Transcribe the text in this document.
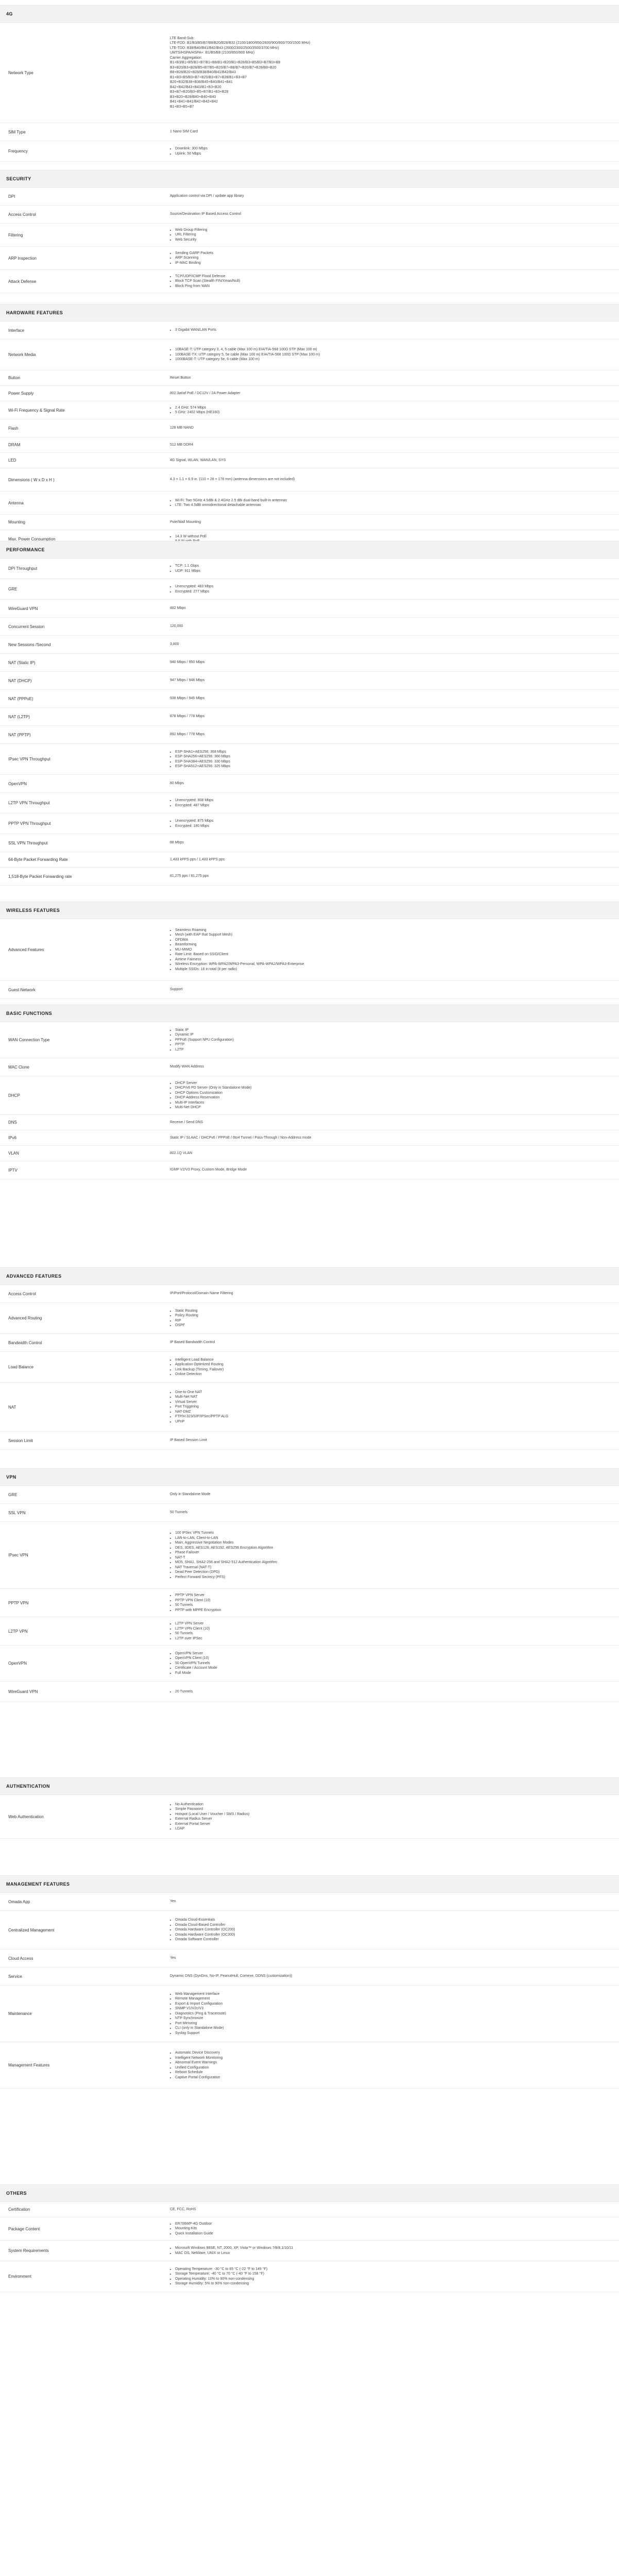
4G
Network Type
LTE Band-Sub:
LTE-FDD: B1/B3/B5/B7/B8/B20/B28/B32 (2100/1800/850/2600/900/800/700/1500 MHz)
LTE-TDD: B38/B40/B41/B42/B43 (2600/2300/2500/3500/3700 MHz)
UMTS/HSPA/HSPA+: B1/B5/B8 (2100/850/900 MHz)
Carrier Aggregation:
B1+B3/B1+B5/B1+B7/B1+B8/B1+B20/B1+B28/B3+B5/B3+B7/B3+B8
B3+B20/B3+B28/B5+B7/B5+B20/B7+B8/B7+B20/B7+B28/B8+B20
B8+B28/B20+B28/B38/B40/B41/B42/B43
B1+B3+B5/B3+B7+B20/B3+B7+B28/B1+B3+B7
B20+B32/B38+B38/B40+B40/B41+B41
B42+B42/B43+B43/B1+B3+B20
B3+B7+B20/B3+B5+B7/B1+B3+B28
B3+B20+B28/B40+B40+B40
B41+B41+B41/B42+B42+B42
B1+B3+B5+B7
SIM Type	1 Nano SIM Card
Frequency
• Downlink: 300 Mbps
• Uplink: 50 Mbps
SECURITY
DPI	Application control via DPI / update app library
Access Control	Source/Destination IP Based Access Control
Filtering
• Web Group Filtering
• URL Filtering
• Web Security
ARP Inspection
• Sending GARP Packets
• ARP Scanning
• IP-MAC Binding
Attack Defense
• TCP/UDP/ICMP Flood Defense
• Block TCP Scan (Stealth FIN/Xmas/Null)
• Block Ping from WAN
HARDWARE FEATURES
Interface	• 3 Gigabit WAN/LAN Ports
Network Media
• 10BASE-T: UTP category 3, 4, 5 cable (Max 100 m) EIA/TIA-568 100Ω STP (Max 100 m)
• 100BASE-TX: UTP category 5, 5e cable (Max 100 m) EIA/TIA-568 100Ω STP (Max 100 m)
• 1000BASE-T: UTP category 5e, 6 cable (Max 100 m)
Button	Reset Button
Power Supply	802.3at/af PoE / DC12V / 2A Power Adapter
Wi-Fi Frequency & Signal Rate
• 2.4 GHz: 574 Mbps
• 5 GHz: 2402 Mbps (HE160)
Flash	128 MB NAND
DRAM	512 MB DDR4
LED	4G Signal, WLAN, WAN/LAN, SYS
Dimensions ( W x D x H )	4.3 × 1.1 × 6.9 in. (110 × 28 × 176 mm) (antenna dimensions are not included)
Antenna
• Wi-Fi: Two 5GHz 4.5dBi & 2.4GHz 2.5 dBi dual-band built-in antennas
• LTE: Two 4.5dBi omnidirectional detachable antennas
Mounting	Pole/Wall Mounting
Max. Power Consumption
• 14.3 W without PoE
•
PERFORMANCE
DPI Throughput
• TCP: 1.1 Gbps
• UDP: 911 Mbps
GRE
• Unencrypted: 483 Mbps
• Encrypted: 277 Mbps
WireGuard VPN	482 Mbps
Concurrent Session	120,000
New Sessions /Second	3,800
NAT (Static IP)	940 Mbps / 950 Mbps
NAT (DHCP)	947 Mbps / 948 Mbps
NAT (PPPoE)	938 Mbps / 945 Mbps
NAT (L2TP)	878 Mbps / 778 Mbps
NAT (PPTP)	892 Mbps / 778 Mbps
IPsec VPN Throughput
• ESP-SHA1+AES256: 368 Mbps
• ESP-SHA256+AES256: 360 Mbps
• ESP-SHA384+AES256: 330 Mbps
• ESP-SHA512+AES256: 325 Mbps
OpenVPN	80 Mbps
L2TP VPN Throughput
• Unencrypted: 908 Mbps
• Encrypted: 487 Mbps
PPTP VPN Throughput
• Unencrypted: 875 Mbps
• Encrypted: 180 Mbps
SSL VPN Throughput	88 Mbps
64-Byte Packet Forwarding Rate	1,433 kPPS pps / 1,433 kPPS pps
1,518-Byte Packet Forwarding rate	81,275 pps / 81,275 pps
WIRELESS FEATURES
Advanced Features
• Seamless Roaming
• Mesh (with EAP that Support Mesh)
• OFDMA
• Beamforming
• MU-MIMO
• Rate Limit: Based on SSID/Client
• Airtime Fairness
• Wireless Encryption: WPA-WPA2/WPA3-Personal, WPA-WPA2/WPA3-Enterprise
• Multiple SSIDs: 16 in total (8 per radio)
Guest Network	Support
BASIC FUNCTIONS
WAN Connection Type
• Static IP
• Dynamic IP
• PPPoE (Support NPU Configuration)
• PPTP
• L2TP
MAC Clone	Modify WAN Address
DHCP
• DHCP Server
• DHCP/v6 PD Server (Only in Standalone Mode)
• DHCP Options Customization
• DHCP Address Reservation
• Multi-IP Interfaces
• Multi-Net DHCP
DNS	Receive / Send DNS
IPv6	Static IP / SLAAC / DHCPv6 / PPPoE / 6to4 Tunnel / Pass-Through / Non-Address mode
VLAN	802.1Q VLAN
IPTV	IGMP V2/V3 Proxy, Custom Mode, Bridge Mode
ADVANCED FEATURES
Access Control	IP/Port/Protocol/Domain Name Filtering
Advanced Routing
• Static Routing
• Policy Routing
• RIP
• OSPF
Bandwidth Control	IP Based Bandwidth Control
Load Balance
• Intelligent Load Balance
• Application Optimized Routing
• Link Backup (Timing, Failover)
• Online Detection
NAT
• One-to-One NAT
• Multi-Net NAT
• Virtual Server
• Port Triggering
• NAT-DMZ
• FTP/H.323/SIP/IPSec/PPTP ALG
• UPnP
Session Limit	IP Based Session Limit
VPN
GRE	Only in Standalone Mode
SSL VPN	50 Tunnels
IPsec VPN
• 100 IPSec VPN Tunnels
• LAN-to-LAN, Client-to-LAN
• Main, Aggressive Negotiation Modes
• DES, 3DES, AES128, AES192, AES256 Encryption Algorithm
• Phase Failover
• NAT-T
• MD5, SHA1, SHA2-256 and SHA2-512 Authentication Algorithm
• NAT Traversal (NAT-T)
• Dead Peer Detection (DPD)
• Perfect Forward Secrecy (PFS)
PPTP VPN
• PPTP VPN Server
• PPTP VPN Client (10)
• 50 Tunnels
• PPTP with MPPE Encryption
L2TP VPN
• L2TP VPN Server
• L2TP VPN Client (10)
• 50 Tunnels
• L2TP over IPSec
OpenVPN
• OpenVPN Server
• OpenVPN Client (10)
• 50 OpenVPN Tunnels
• Certificate / Account Mode
• Full Mode
WireGuard VPN	• 20 Tunnels
AUTHENTICATION
Web Authentication
• No Authentication
• Simple Password
• Hotspot (Local User / Voucher / SMS / Radius)
• External Radius Server
• External Portal Server
• LDAP
MANAGEMENT FEATURES
Omada App	Yes
Centralized Management
• Omada Cloud-Essentials
• Omada Cloud-Based Controller
• Omada Hardware Controller (OC200)
• Omada Hardware Controller (OC300)
• Omada Software Controller
Cloud Access	Yes
Service	Dynamic DNS (DynDns, No-IP, PeanutHull, Comexe, DDNS (customization))
Maintenance
• Web Management Interface
• Remote Management
• Export & Import Configuration
• SNMP V1/V2c/V3
• Diagnostics (Ping & Traceroute)
• NTP Synchronize
• Port Mirroring
• CLI (only in Standalone Mode)
• Syslog Support
Management Features
• Automatic Device Discovery
• Intelligent Network Monitoring
• Abnormal Event Warnings
• Unified Configuration
• Reboot Schedule
• Captive Portal Configuration
OTHERS
Certification	CE, FCC, RoHS
Package Content
• ER706WP-4G Outdoor
• Mounting Kits
• Quick Installation Guide
System Requirements
• Microsoft Windows 98SE, NT, 2000, XP, Vista™ or Windows 7/8/8.1/10/11
• MAC OS, NetWare, UNIX or Linux
Environment
• Operating Temperature: -30 °C to 65 °C (-22 °F to 149 °F)
• Storage Temperature: -40 °C to 70 °C (-40 °F to 158 °F)
• Operating Humidity: 10% to 90% non-condensing
• Storage Humidity: 5% to 90% non-condensing
